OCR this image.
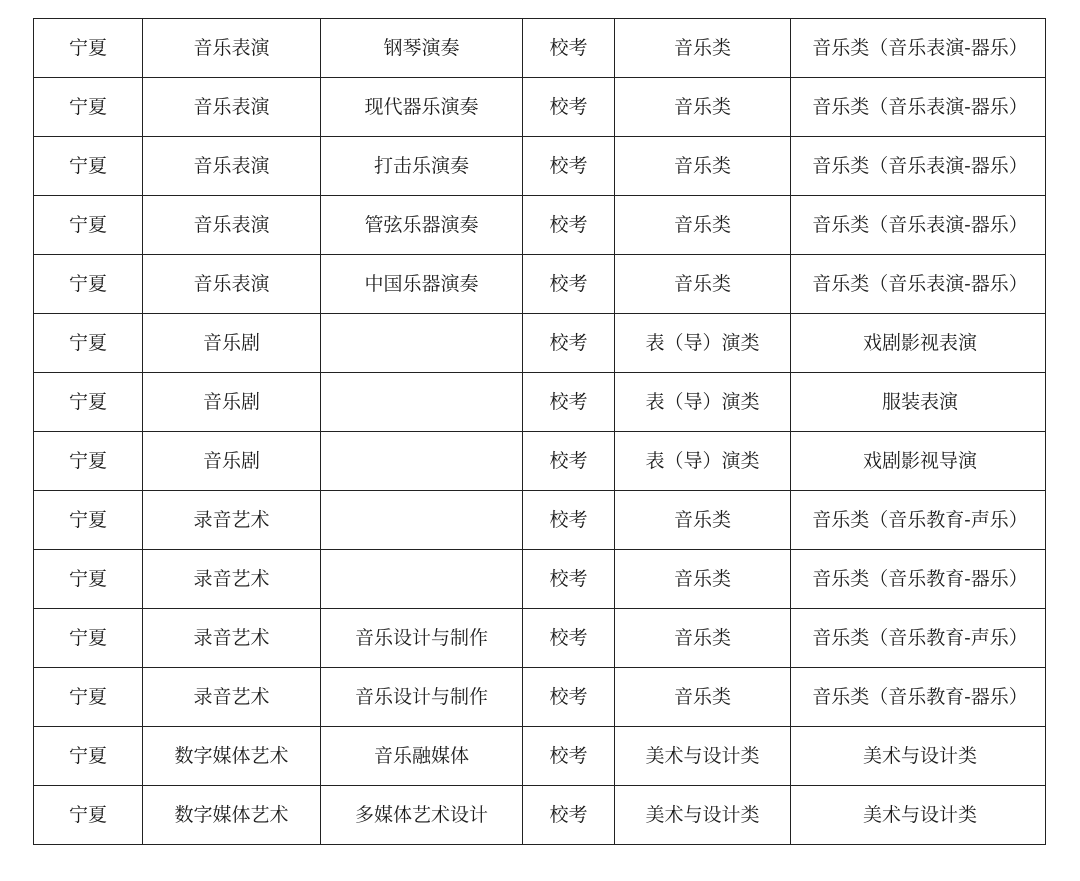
宁夏	音乐表演	钢琴演奏	校考	音乐类	音乐类（音乐表演-器乐）
宁夏	音乐表演	现代器乐演奏	校考	音乐类	音乐类（音乐表演-器乐）
宁夏	音乐表演	打击乐演奏	校考	音乐类	音乐类（音乐表演-器乐）
宁夏	音乐表演	管弦乐器演奏	校考	音乐类	音乐类（音乐表演-器乐）
宁夏	音乐表演	中国乐器演奏	校考	音乐类	音乐类（音乐表演-器乐）
宁夏	音乐剧		校考	表（导）演类	戏剧影视表演
宁夏	音乐剧		校考	表（导）演类	服装表演
宁夏	音乐剧		校考	表（导）演类	戏剧影视导演
宁夏	录音艺术		校考	音乐类	音乐类（音乐教育-声乐）
宁夏	录音艺术		校考	音乐类	音乐类（音乐教育-器乐）
宁夏	录音艺术	音乐设计与制作	校考	音乐类	音乐类（音乐教育-声乐）
宁夏	录音艺术	音乐设计与制作	校考	音乐类	音乐类（音乐教育-器乐）
宁夏	数字媒体艺术	音乐融媒体	校考	美术与设计类	美术与设计类
宁夏	数字媒体艺术	多媒体艺术设计	校考	美术与设计类	美术与设计类
